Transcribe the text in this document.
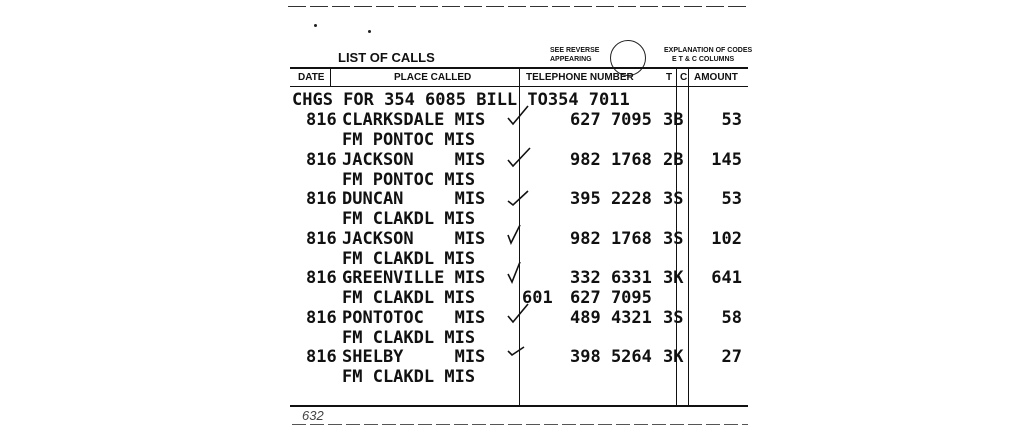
LIST OF CALLS	SEE REVERSE
APPEARING
EXPLANATION OF CODES
E T & C COLUMNS
DATE	PLACE CALLED	TELEPHONE NUMBER	T C AMOUNT
CHGS FOR 354 6085 BILL TO354 7011
816 CLARKSDALE MIS	627 7095 3B 53
FM PONTOC MIS
816 JACKSON    MIS	982 1768 2B 145
FM PONTOC MIS
816 DUNCAN     MIS	395 2228 3S 53
FM CLAKDL MIS
816 JACKSON    MIS	982 1768 3S 102
FM CLAKDL MIS
816 GREENVILLE MIS	332 6331 3K 641
FM CLAKDL MIS	601 627 7095
816 PONTOTOC   MIS	489 4321 3S 58
FM CLAKDL MIS
816 SHELBY     MIS	398 5264 3K 27
FM CLAKDL MIS
632
